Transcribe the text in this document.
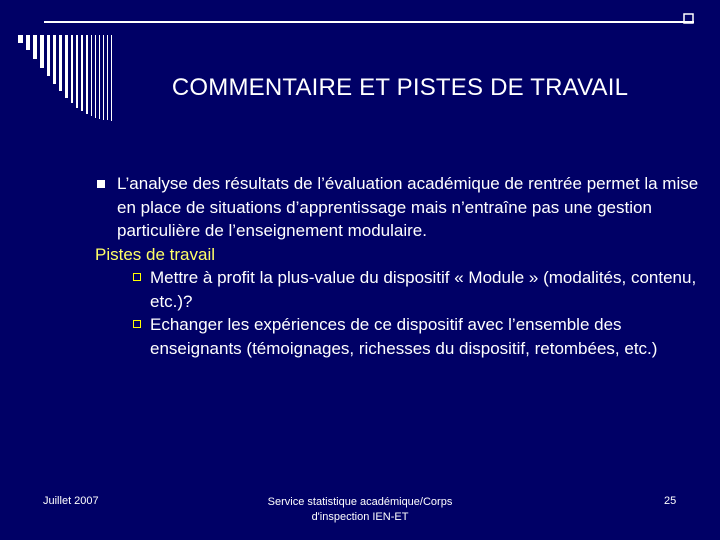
COMMENTAIRE ET PISTES DE TRAVAIL
L’analyse des résultats de l’évaluation académique de rentrée permet la mise en place de situations d’apprentissage mais n’entraîne pas une gestion particulière de l’enseignement modulaire.
Pistes de travail
Mettre à profit la plus-value du dispositif « Module » (modalités, contenu, etc.)?
Echanger les expériences de ce dispositif avec l’ensemble des enseignants (témoignages, richesses du dispositif, retombées, etc.)
Juillet 2007	Service statistique académique/Corps
d'inspection IEN-ET
25
